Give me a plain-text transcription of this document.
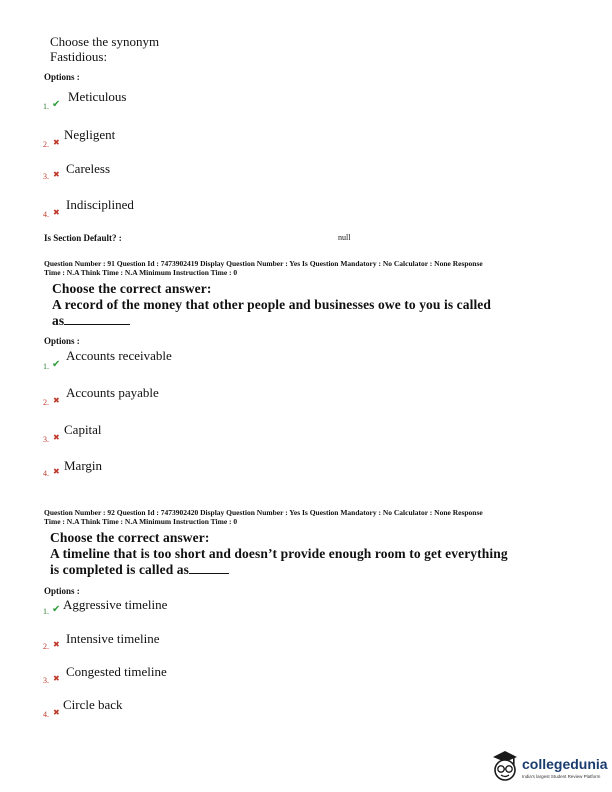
Choose the synonym
Fastidious:
Options :
1. ✔
Meticulous
2. ✖
Negligent
3. ✖ Careless
4. ✖
Indisciplined
Is Section Default? :	null
Question Number : 91 Question Id : 7473902419 Display Question Number : Yes Is Question Mandatory : No Calculator : None Response
Time : N.A Think Time : N.A Minimum Instruction Time : 0
Choose the correct answer:
A record of the money that other people and businesses owe to you is called
as
Options :
1. ✔
Accounts receivable
2. ✖
Accounts payable
3. ✖
Capital
4. ✖ Margin
Question Number : 92 Question Id : 7473902420 Display Question Number : Yes Is Question Mandatory : No Calculator : None Response
Time : N.A Think Time : N.A Minimum Instruction Time : 0
Choose the correct answer:
A timeline that is too short and doesn’t provide enough room to get everything
is completed is called as
Options :
1. ✔ Aggressive timeline
2. ✖ Intensive timeline
3. ✖ Congested timeline
4. ✖
Circle back
collegedunia
India's largest Student Review Platform
